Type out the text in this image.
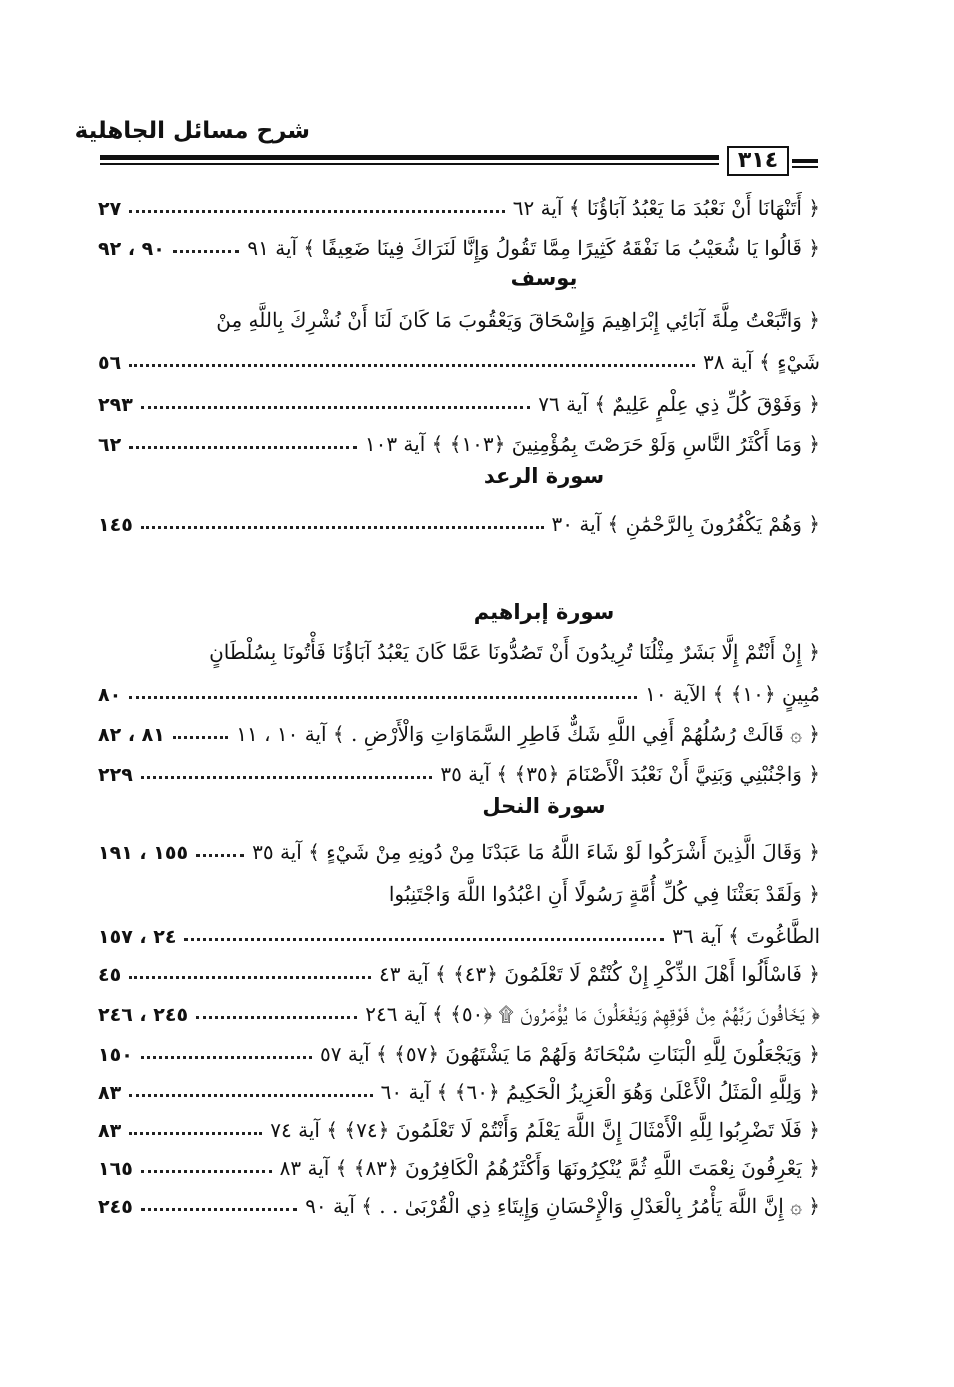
شرح مسائل الجاهلية
٣١٤
﴿ أَتَنْهَانَا أَنْ نَعْبُدَ مَا يَعْبُدُ آبَاؤُنَا ﴾ آية ٦٢
٢٧
﴿ قَالُوا يَا شُعَيْبُ مَا نَفْقَهُ كَثِيرًا مِمَّا تَقُولُ وَإِنَّا لَنَرَاكَ فِينَا ضَعِيفًا ﴾ آية ٩١
٩٠ ، ٩٢
يوسف
﴿ وَاتَّبَعْتُ مِلَّةَ آبَائِي إِبْرَاهِيمَ وَإِسْحَاقَ وَيَعْقُوبَ مَا كَانَ لَنَا أَنْ نُشْرِكَ بِاللَّهِ مِنْ
شَيْءٍ ﴾ آية ٣٨
٥٦
﴿ وَفَوْقَ كُلِّ ذِي عِلْمٍ عَلِيمٌ ﴾ آية ٧٦
٢٩٣
﴿ وَمَا أَكْثَرُ النَّاسِ وَلَوْ حَرَصْتَ بِمُؤْمِنِينَ ﴿١٠٣﴾ ﴾ آية ١٠٣
٦٢
سورة الرعد
﴿ وَهُمْ يَكْفُرُونَ بِالرَّحْمَٰنِ ﴾ آية ٣٠
١٤٥
سورة إبراهيم
﴿ إِنْ أَنْتُمْ إِلَّا بَشَرٌ مِثْلُنَا تُرِيدُونَ أَنْ تَصُدُّونَا عَمَّا كَانَ يَعْبُدُ آبَاؤُنَا فَأْتُونَا بِسُلْطَانٍ
مُبِينٍ ﴿١٠﴾ ﴾ الآية ١٠
٨٠
﴿ ۞ قَالَتْ رُسُلُهُمْ أَفِي اللَّهِ شَكٌّ فَاطِرِ السَّمَاوَاتِ وَالْأَرْضِ . ﴾ آية ١٠ ، ١١
٨١ ، ٨٢
﴿ وَاجْنُبْنِي وَبَنِيَّ أَنْ نَعْبُدَ الْأَصْنَامَ ﴿٣٥﴾ ﴾ آية ٣٥
٢٢٩
سورة النحل
﴿ وَقَالَ الَّذِينَ أَشْرَكُوا لَوْ شَاءَ اللَّهُ مَا عَبَدْنَا مِنْ دُونِهِ مِنْ شَيْءٍ ﴾ آية ٣٥
١٥٥ ، ١٩١
﴿ وَلَقَدْ بَعَثْنَا فِي كُلِّ أُمَّةٍ رَسُولًا أَنِ اعْبُدُوا اللَّهَ وَاجْتَنِبُوا
الطَّاغُوتَ ﴾ آية ٣٦
٢٤ ، ١٥٧
﴿ فَاسْأَلُوا أَهْلَ الذِّكْرِ إِنْ كُنْتُمْ لَا تَعْلَمُونَ ﴿٤٣﴾ ﴾ آية ٤٣
٤٥
﴿ يَخَافُونَ رَبَّهُمْ مِنْ فَوْقِهِمْ وَيَفْعَلُونَ مَا يُؤْمَرُونَ ۩ ﴿٥٠﴾ ﴾ آية ٢٤٦
٢٤٥ ، ٢٤٦
﴿ وَيَجْعَلُونَ لِلَّهِ الْبَنَاتِ سُبْحَانَهُ وَلَهُمْ مَا يَشْتَهُونَ ﴿٥٧﴾ ﴾ آية ٥٧
١٥٠
﴿ وَلِلَّهِ الْمَثَلُ الْأَعْلَىٰ وَهُوَ الْعَزِيزُ الْحَكِيمُ ﴿٦٠﴾ ﴾ آية ٦٠
٨٣
﴿ فَلَا تَضْرِبُوا لِلَّهِ الْأَمْثَالَ إِنَّ اللَّهَ يَعْلَمُ وَأَنْتُمْ لَا تَعْلَمُونَ ﴿٧٤﴾ ﴾ آية ٧٤
٨٣
﴿ يَعْرِفُونَ نِعْمَتَ اللَّهِ ثُمَّ يُنْكِرُونَهَا وَأَكْثَرُهُمُ الْكَافِرُونَ ﴿٨٣﴾ ﴾ آية ٨٣
١٦٥
﴿ ۞ إِنَّ اللَّهَ يَأْمُرُ بِالْعَدْلِ وَالْإِحْسَانِ وَإِيتَاءِ ذِي الْقُرْبَىٰ . . ﴾ آية ٩٠
٢٤٥
